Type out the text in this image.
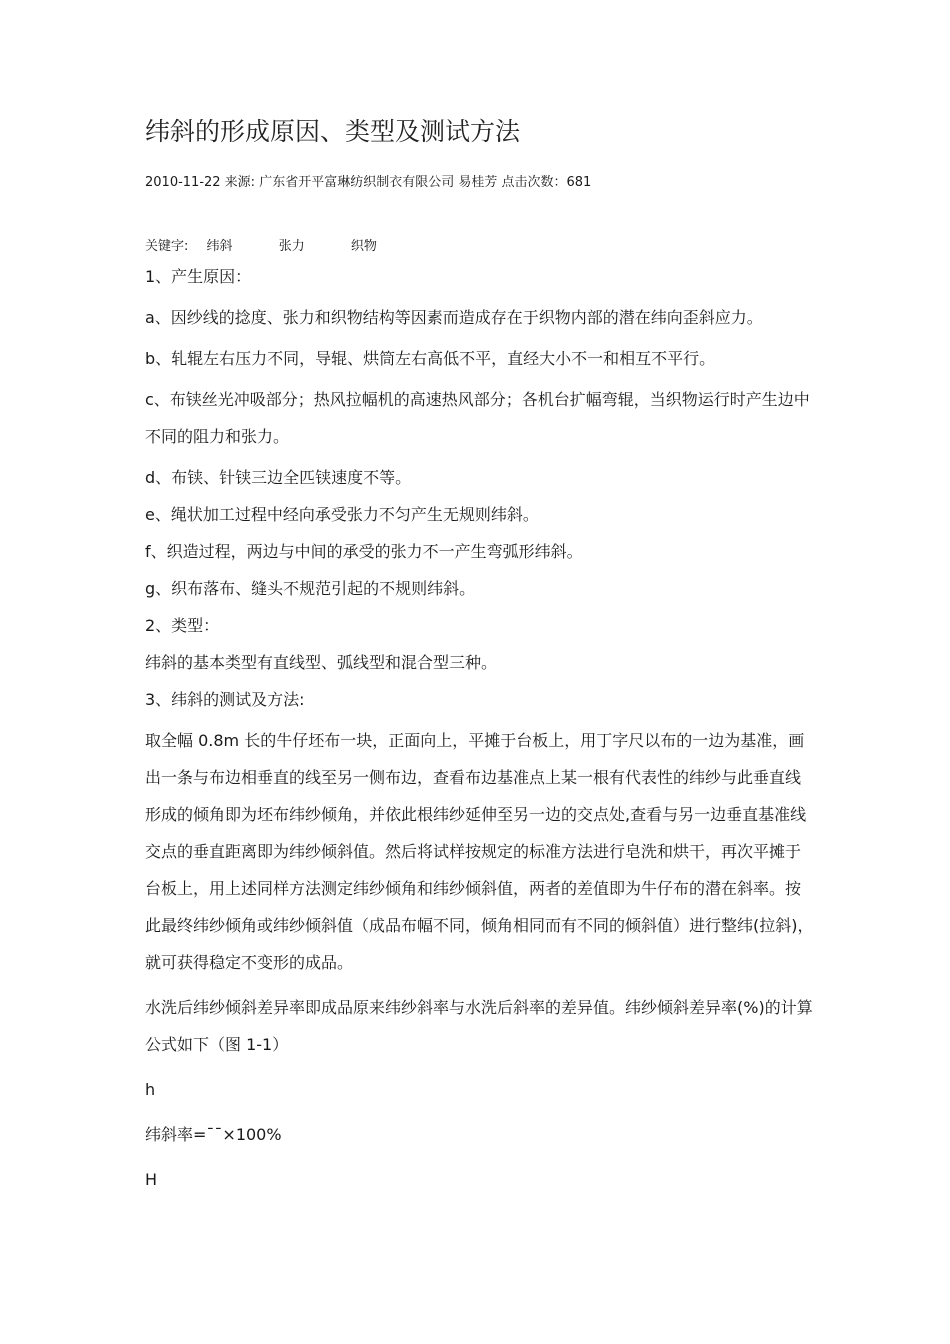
纬斜的形成原因、类型及测试方法
2010-11-22 来源: 广东省开平富琳纺织制衣有限公司 易桂芳 点击次数：681
关键字: 纬斜	张力	织物

1、产生原因：

a、因纱线的捻度、张力和织物结构等因素而造成存在于织物内部的潜在纬向歪斜应力。

b、轧辊左右压力不同，导辊、烘筒左右高低不平，直经大小不一和相互不平行。

c、布铗丝光冲吸部分；热风拉幅机的高速热风部分；各机台扩幅弯辊，当织物运行时产生边中不同的阻力和张力。

d、布铗、针铗三边全匹铗速度不等。

e、绳状加工过程中经向承受张力不匀产生无规则纬斜。

f、织造过程，两边与中间的承受的张力不一产生弯弧形纬斜。

g、织布落布、缝头不规范引起的不规则纬斜。

2、类型：

纬斜的基本类型有直线型、弧线型和混合型三种。

3、纬斜的测试及方法:

取全幅 0.8m 长的牛仔坯布一块，正面向上，平摊于台板上，用丁字尺以布的一边为基准，画出一条与布边相垂直的线至另一侧布边，查看布边基准点上某一根有代表性的纬纱与此垂直线形成的倾角即为坯布纬纱倾角，并依此根纬纱延伸至另一边的交点处,查看与另一边垂直基准线交点的垂直距离即为纬纱倾斜值。然后将试样按规定的标准方法进行皂洗和烘干，再次平摊于台板上，用上述同样方法测定纬纱倾角和纬纱倾斜值，两者的差值即为牛仔布的潜在斜率。按此最终纬纱倾角或纬纱倾斜值（成品布幅不同，倾角相同而有不同的倾斜值）进行整纬(拉斜)，就可获得稳定不变形的成品。

水洗后纬纱倾斜差异率即成品原来纬纱斜率与水洗后斜率的差异值。纬纱倾斜差异率(%)的计算公式如下（图 1-1）

h

纬斜率=¯¯×100%

H
